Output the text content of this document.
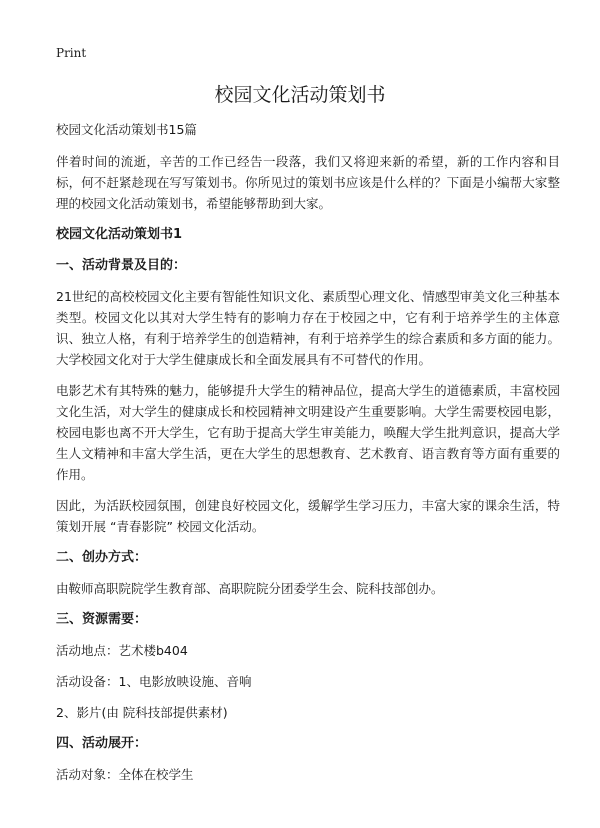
Print
校园文化活动策划书

校园文化活动策划书15篇

伴着时间的流逝，辛苦的工作已经告一段落，我们又将迎来新的希望，新的工作内容和目标，何不赶紧趁现在写写策划书。你所见过的策划书应该是什么样的？下面是小编帮大家整理的校园文化活动策划书，希望能够帮助到大家。

校园文化活动策划书1
一、活动背景及目的：

21世纪的高校校园文化主要有智能性知识文化、素质型心理文化、情感型审美文化三种基本类型。校园文化以其对大学生特有的影响力存在于校园之中，它有利于培养学生的主体意识、独立人格，有利于培养学生的创造精神，有利于培养学生的综合素质和多方面的能力。大学校园文化对于大学生健康成长和全面发展具有不可替代的作用。

电影艺术有其特殊的魅力，能够提升大学生的精神品位，提高大学生的道德素质，丰富校园文化生活，对大学生的健康成长和校园精神文明建设产生重要影响。大学生需要校园电影，校园电影也离不开大学生，它有助于提高大学生审美能力，唤醒大学生批判意识，提高大学生人文精神和丰富大学生活，更在大学生的思想教育、艺术教育、语言教育等方面有重要的作用。

因此，为活跃校园氛围，创建良好校园文化，缓解学生学习压力，丰富大家的课余生活，特策划开展 “青春影院” 校园文化活动。

二、创办方式：

由鞍师高职院院学生教育部、高职院院分团委学生会、院科技部创办。

三、资源需要：

活动地点：艺术楼b404

活动设备：1、电影放映设施、音响

2、影片(由 院科技部提供素材)

四、活动展开：

活动对象：全体在校学生
